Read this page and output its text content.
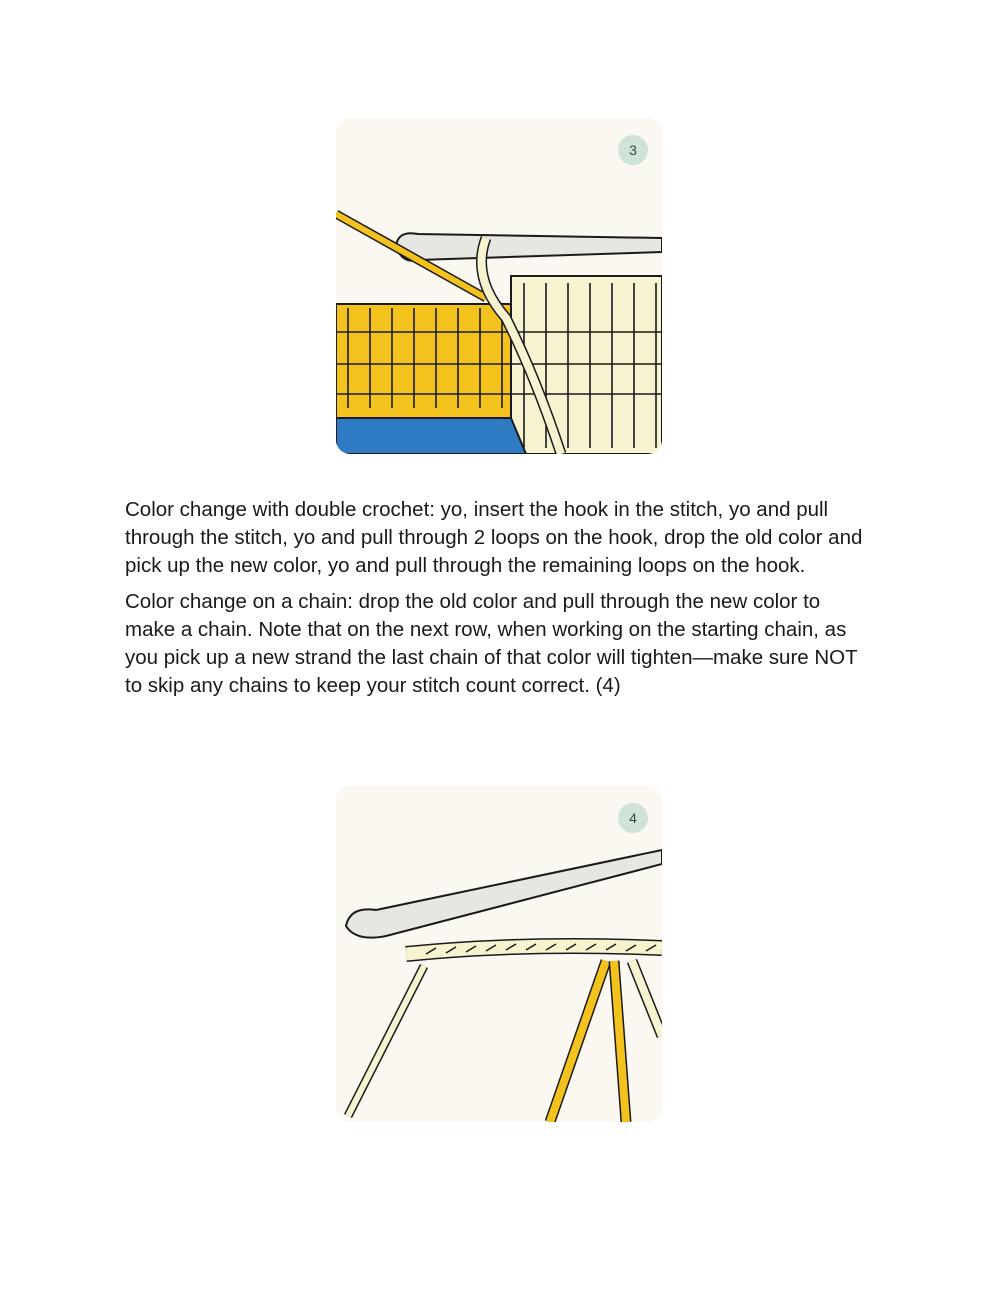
3

Color change with double crochet: yo, insert the hook in the stitch, yo and pull through the stitch, yo and pull through 2 loops on the hook, drop the old color and pick up the new color, yo and pull through the remaining loops on the hook.

Color change on a chain: drop the old color and pull through the new color to make a chain. Note that on the next row, when working on the starting chain, as you pick up a new strand the last chain of that color will tighten—make sure NOT to skip any chains to keep your stitch count correct. (4)

4
